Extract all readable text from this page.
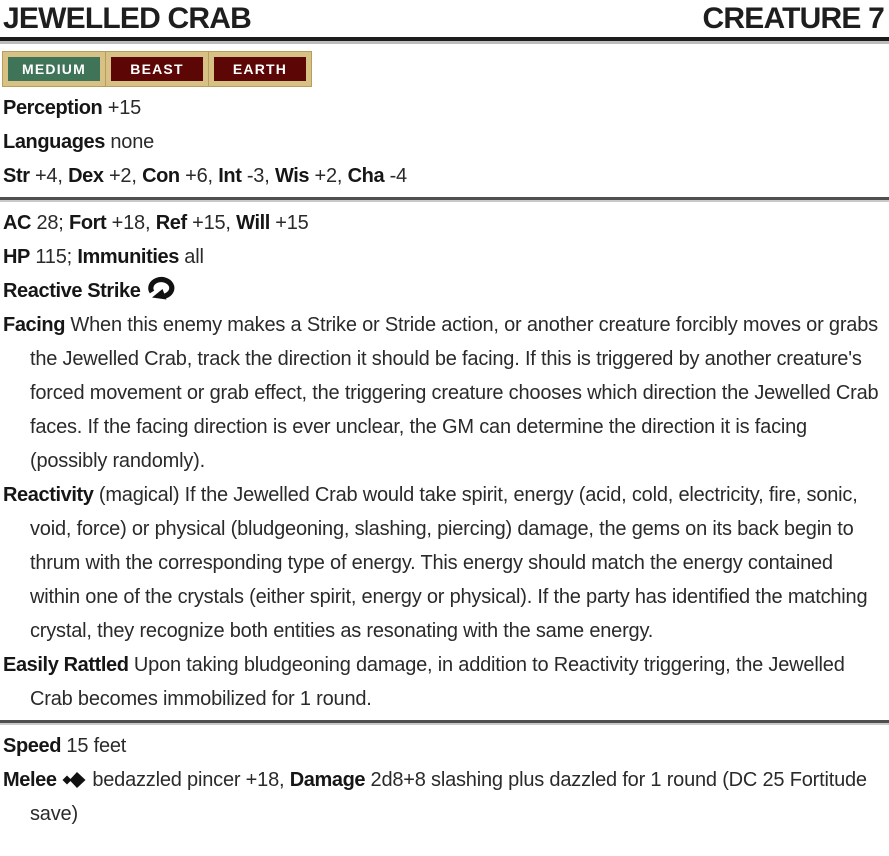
JEWELLED CRAB	CREATURE 7
MEDIUM	BEAST	EARTH

Perception +15

Languages none

Str +4, Dex +2, Con +6, Int -3, Wis +2, Cha -4

AC 28; Fort +18, Ref +15, Will +15

HP 115; Immunities all

Reactive Strike

Facing When this enemy makes a Strike or Stride action, or another creature forcibly moves or grabs the Jewelled Crab, track the direction it should be facing. If this is triggered by another creature's forced movement or grab effect, the triggering creature chooses which direction the Jewelled Crab faces. If the facing direction is ever unclear, the GM can determine the direction it is facing (possibly randomly).

Reactivity (magical) If the Jewelled Crab would take spirit, energy (acid, cold, electricity, fire, sonic, void, force) or physical (bludgeoning, slashing, piercing) damage, the gems on its back begin to thrum with the corresponding type of energy. This energy should match the energy contained within one of the crystals (either spirit, energy or physical). If the party has identified the matching crystal, they recognize both entities as resonating with the same energy.

Easily Rattled Upon taking bludgeoning damage, in addition to Reactivity triggering, the Jewelled Crab becomes immobilized for 1 round.

Speed 15 feet

Melee bedazzled pincer +18, Damage 2d8+8 slashing plus dazzled for 1 round (DC 25 Fortitude save)
